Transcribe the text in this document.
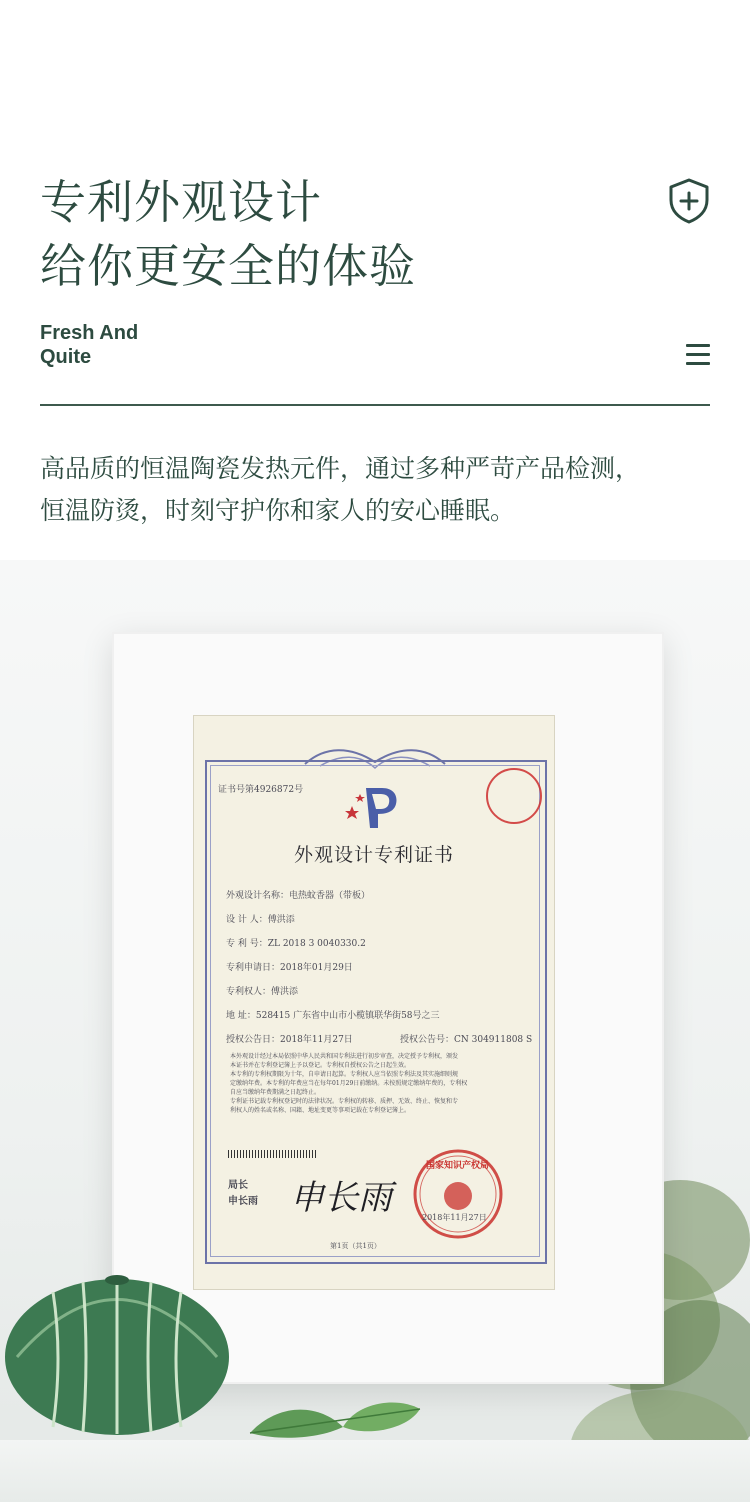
专利外观设计
给你更安全的体验
Fresh And
Quite
高品质的恒温陶瓷发热元件，通过多种严苛产品检测，
恒温防烫，时刻守护你和家人的安心睡眠。
证书号第4926872号
外观设计专利证书
外观设计名称：电热蚊香器（带板）
设 计 人：傅洪添
专 利 号：ZL 2018 3 0040330.2
专利申请日：2018年01月29日
专利权人：傅洪添
地 址：528415 广东省中山市小榄镇联华街58号之三
授权公告日：2018年11月27日	授权公告号：CN 304911808 S
本外观设计经过本局依照中华人民共和国专利法进行初步审查，决定授予专利权，颁发
本证书并在专利登记簿上予以登记。专利权自授权公告之日起生效。
本专利的专利权期限为十年，自申请日起算。专利权人应当依照专利法及其实施细则规
定缴纳年费。本专利的年费应当在每年01月29日前缴纳。未按照规定缴纳年费的，专利权
自应当缴纳年费期满之日起终止。
专利证书记载专利权登记时的法律状况。专利权的转移、质押、无效、终止、恢复和专
利权人的姓名或名称、国籍、地址变更等事项记载在专利登记簿上。
局长
申长雨 申长雨
国家知识产权局
2018年11月27日
第1页（共1页）
